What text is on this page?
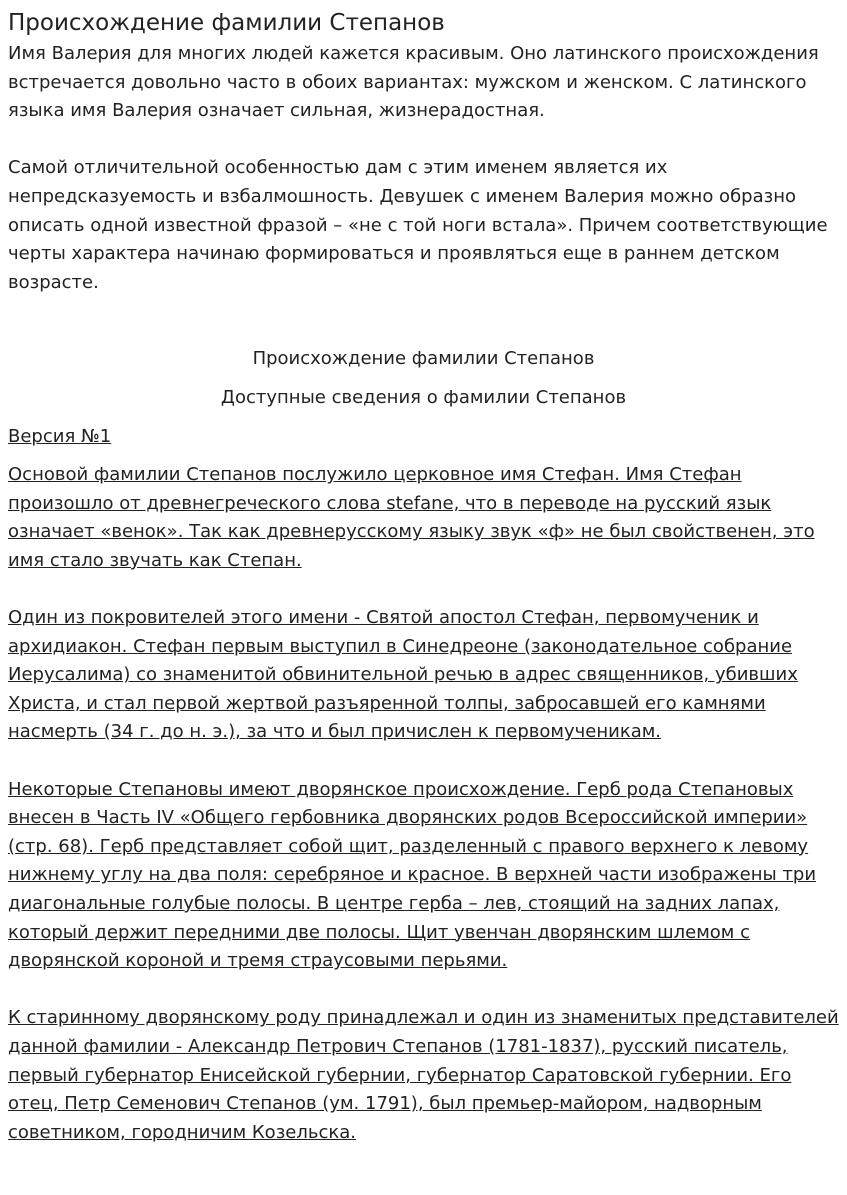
Происхождение фамилии Степанов

Имя Валерия для многих людей кажется красивым. Оно латинского происхождения встречается довольно часто в обоих вариантах: мужском и женском. С латинского языка имя Валерия означает сильная, жизнерадостная.

Самой отличительной особенностью дам с этим именем является их непредсказуемость и взбалмошность. Девушек с именем Валерия можно образно описать одной известной фразой – «не с той ноги встала». Причем соответствующие черты характера начинаю формироваться и проявляться еще в раннем детском возрасте.

Происхождение фамилии Степанов

Доступные сведения о фамилии Степанов

Версия №1

Основой фамилии Степанов послужило церковное имя Стефан. Имя Стефан произошло от древнегреческого слова stefane, что в переводе на русский язык означает «венок». Так как древнерусскому языку звук «ф» не был свойственен, это имя стало звучать как Степан.

Один из покровителей этого имени - Святой апостол Стефан, первомученик и архидиакон. Стефан первым выступил в Синедреоне (законодательное собрание Иерусалима) со знаменитой обвинительной речью в адрес священников, убивших Христа, и стал первой жертвой разъяренной толпы, забросавшей его камнями насмерть (34 г. до н. э.), за что и был причислен к первомученикам.

Некоторые Степановы имеют дворянское происхождение. Герб рода Степановых внесен в Часть IV «Общего гербовника дворянских родов Всероссийской империи» (стр. 68). Герб представляет собой щит, разделенный с правого верхнего к левому нижнему углу на два поля: серебряное и красное. В верхней части изображены три диагональные голубые полосы. В центре герба – лев, стоящий на задних лапах, который держит передними две полосы. Щит увенчан дворянским шлемом с дворянской короной и тремя страусовыми перьями.

К старинному дворянскому роду принадлежал и один из знаменитых представителей данной фамилии - Александр Петрович Степанов (1781-1837), русский писатель, первый губернатор Енисейской губернии, губернатор Саратовской губернии. Его отец, Петр Семенович Степанов (ум. 1791), был премьер-майором, надворным советником, городничим Козельска.
